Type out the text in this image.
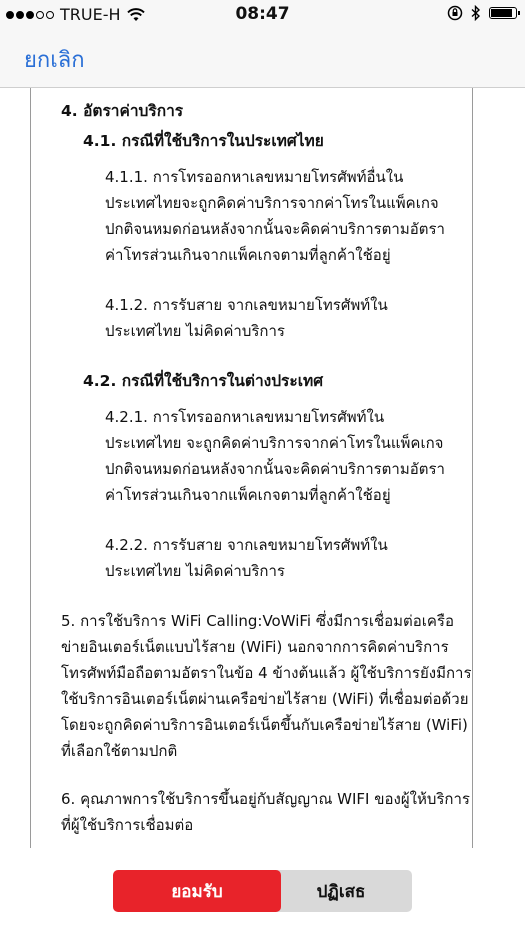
TRUE-H	08:47
ยกเลิก
4. อัตราค่าบริการ
4.1. กรณีที่ใช้บริการในประเทศไทย
4.1.1. การโทรออกหาเลขหมายโทรศัพท์อื่นในประเทศไทยจะถูกคิดค่าบริการจากค่าโทรในแพ็คเกจปกติจนหมดก่อนหลังจากนั้นจะคิดค่าบริการตามอัตราค่าโทรส่วนเกินจากแพ็คเกจตามที่ลูกค้าใช้อยู่
4.1.2. การรับสาย จากเลขหมายโทรศัพท์ในประเทศไทย ไม่คิดค่าบริการ
4.2. กรณีที่ใช้บริการในต่างประเทศ
4.2.1. การโทรออกหาเลขหมายโทรศัพท์ในประเทศไทย จะถูกคิดค่าบริการจากค่าโทรในแพ็คเกจปกติจนหมดก่อนหลังจากนั้นจะคิดค่าบริการตามอัตราค่าโทรส่วนเกินจากแพ็คเกจตามที่ลูกค้าใช้อยู่
4.2.2. การรับสาย จากเลขหมายโทรศัพท์ในประเทศไทย ไม่คิดค่าบริการ
5. การใช้บริการ WiFi Calling:VoWiFi ซึ่งมีการเชื่อมต่อเครือข่ายอินเตอร์เน็ตแบบไร้สาย (WiFi) นอกจากการคิดค่าบริการโทรศัพท์มือถือตามอัตราในข้อ 4 ข้างต้นแล้ว ผู้ใช้บริการยังมีการใช้บริการอินเตอร์เน็ตผ่านเครือข่ายไร้สาย (WiFi) ที่เชื่อมต่อด้วยโดยจะถูกคิดค่าบริการอินเตอร์เน็ตขึ้นกับเครือข่ายไร้สาย (WiFi) ที่เลือกใช้ตามปกติ
6. คุณภาพการใช้บริการขึ้นอยู่กับสัญญาณ WIFI ของผู้ให้บริการที่ผู้ใช้บริการเชื่อมต่อ
ปฏิเสธ
ยอมรับ
